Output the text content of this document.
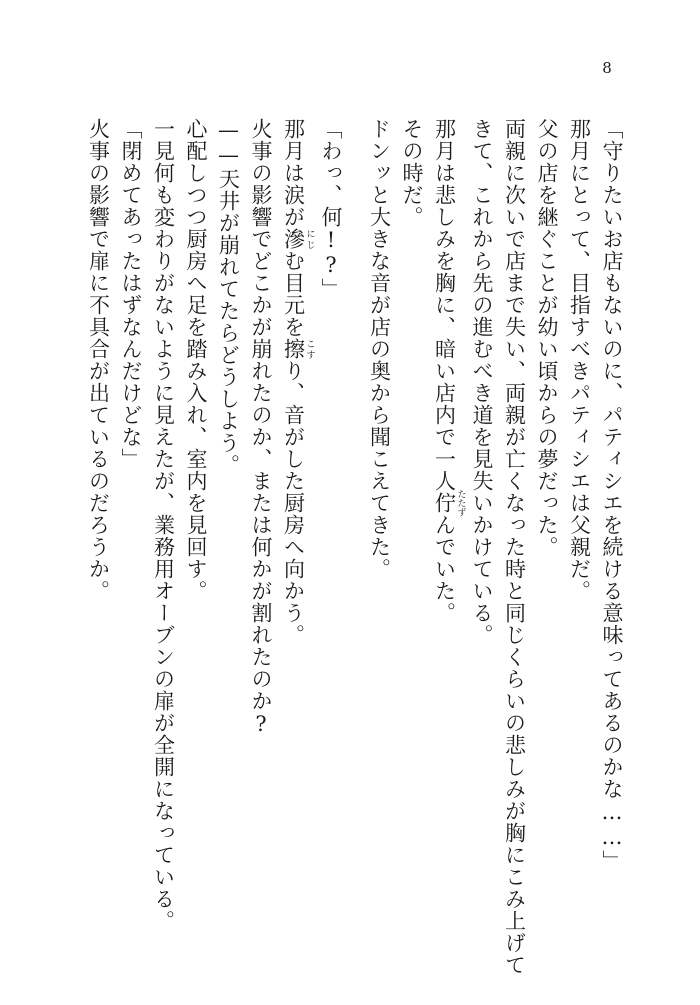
8
「守りたいお店もないのに、パティシエを続ける意味ってあるのかな……」
那月にとって、目指すべきパティシエは父親だ。
父の店を継ぐことが幼い頃からの夢だった。
両親に次いで店まで失い、両親が亡くなった時と同じくらいの悲しみが胸にこみ上げて
きて、これから先の進むべき道を見失いかけている。
那月は悲しみを胸に、暗い店内で一人佇 たたずんでいた。
その時だ。
ドンッと大きな音が店の奥から聞こえてきた。
「わっ、何!?」
那月は涙が滲 にじむ目元を擦 こすり、音がした厨房へ向かう。
火事の影響でどこかが崩れたのか、または何かが割れたのか?
——天井が崩れてたらどうしよう。
心配しつつ厨房へ足を踏み入れ、室内を見回す。
一見何も変わりがないように見えたが、業務用オーブンの扉が全開になっている。
「閉めてあったはずなんだけどな」
火事の影響で扉に不具合が出ているのだろうか。
